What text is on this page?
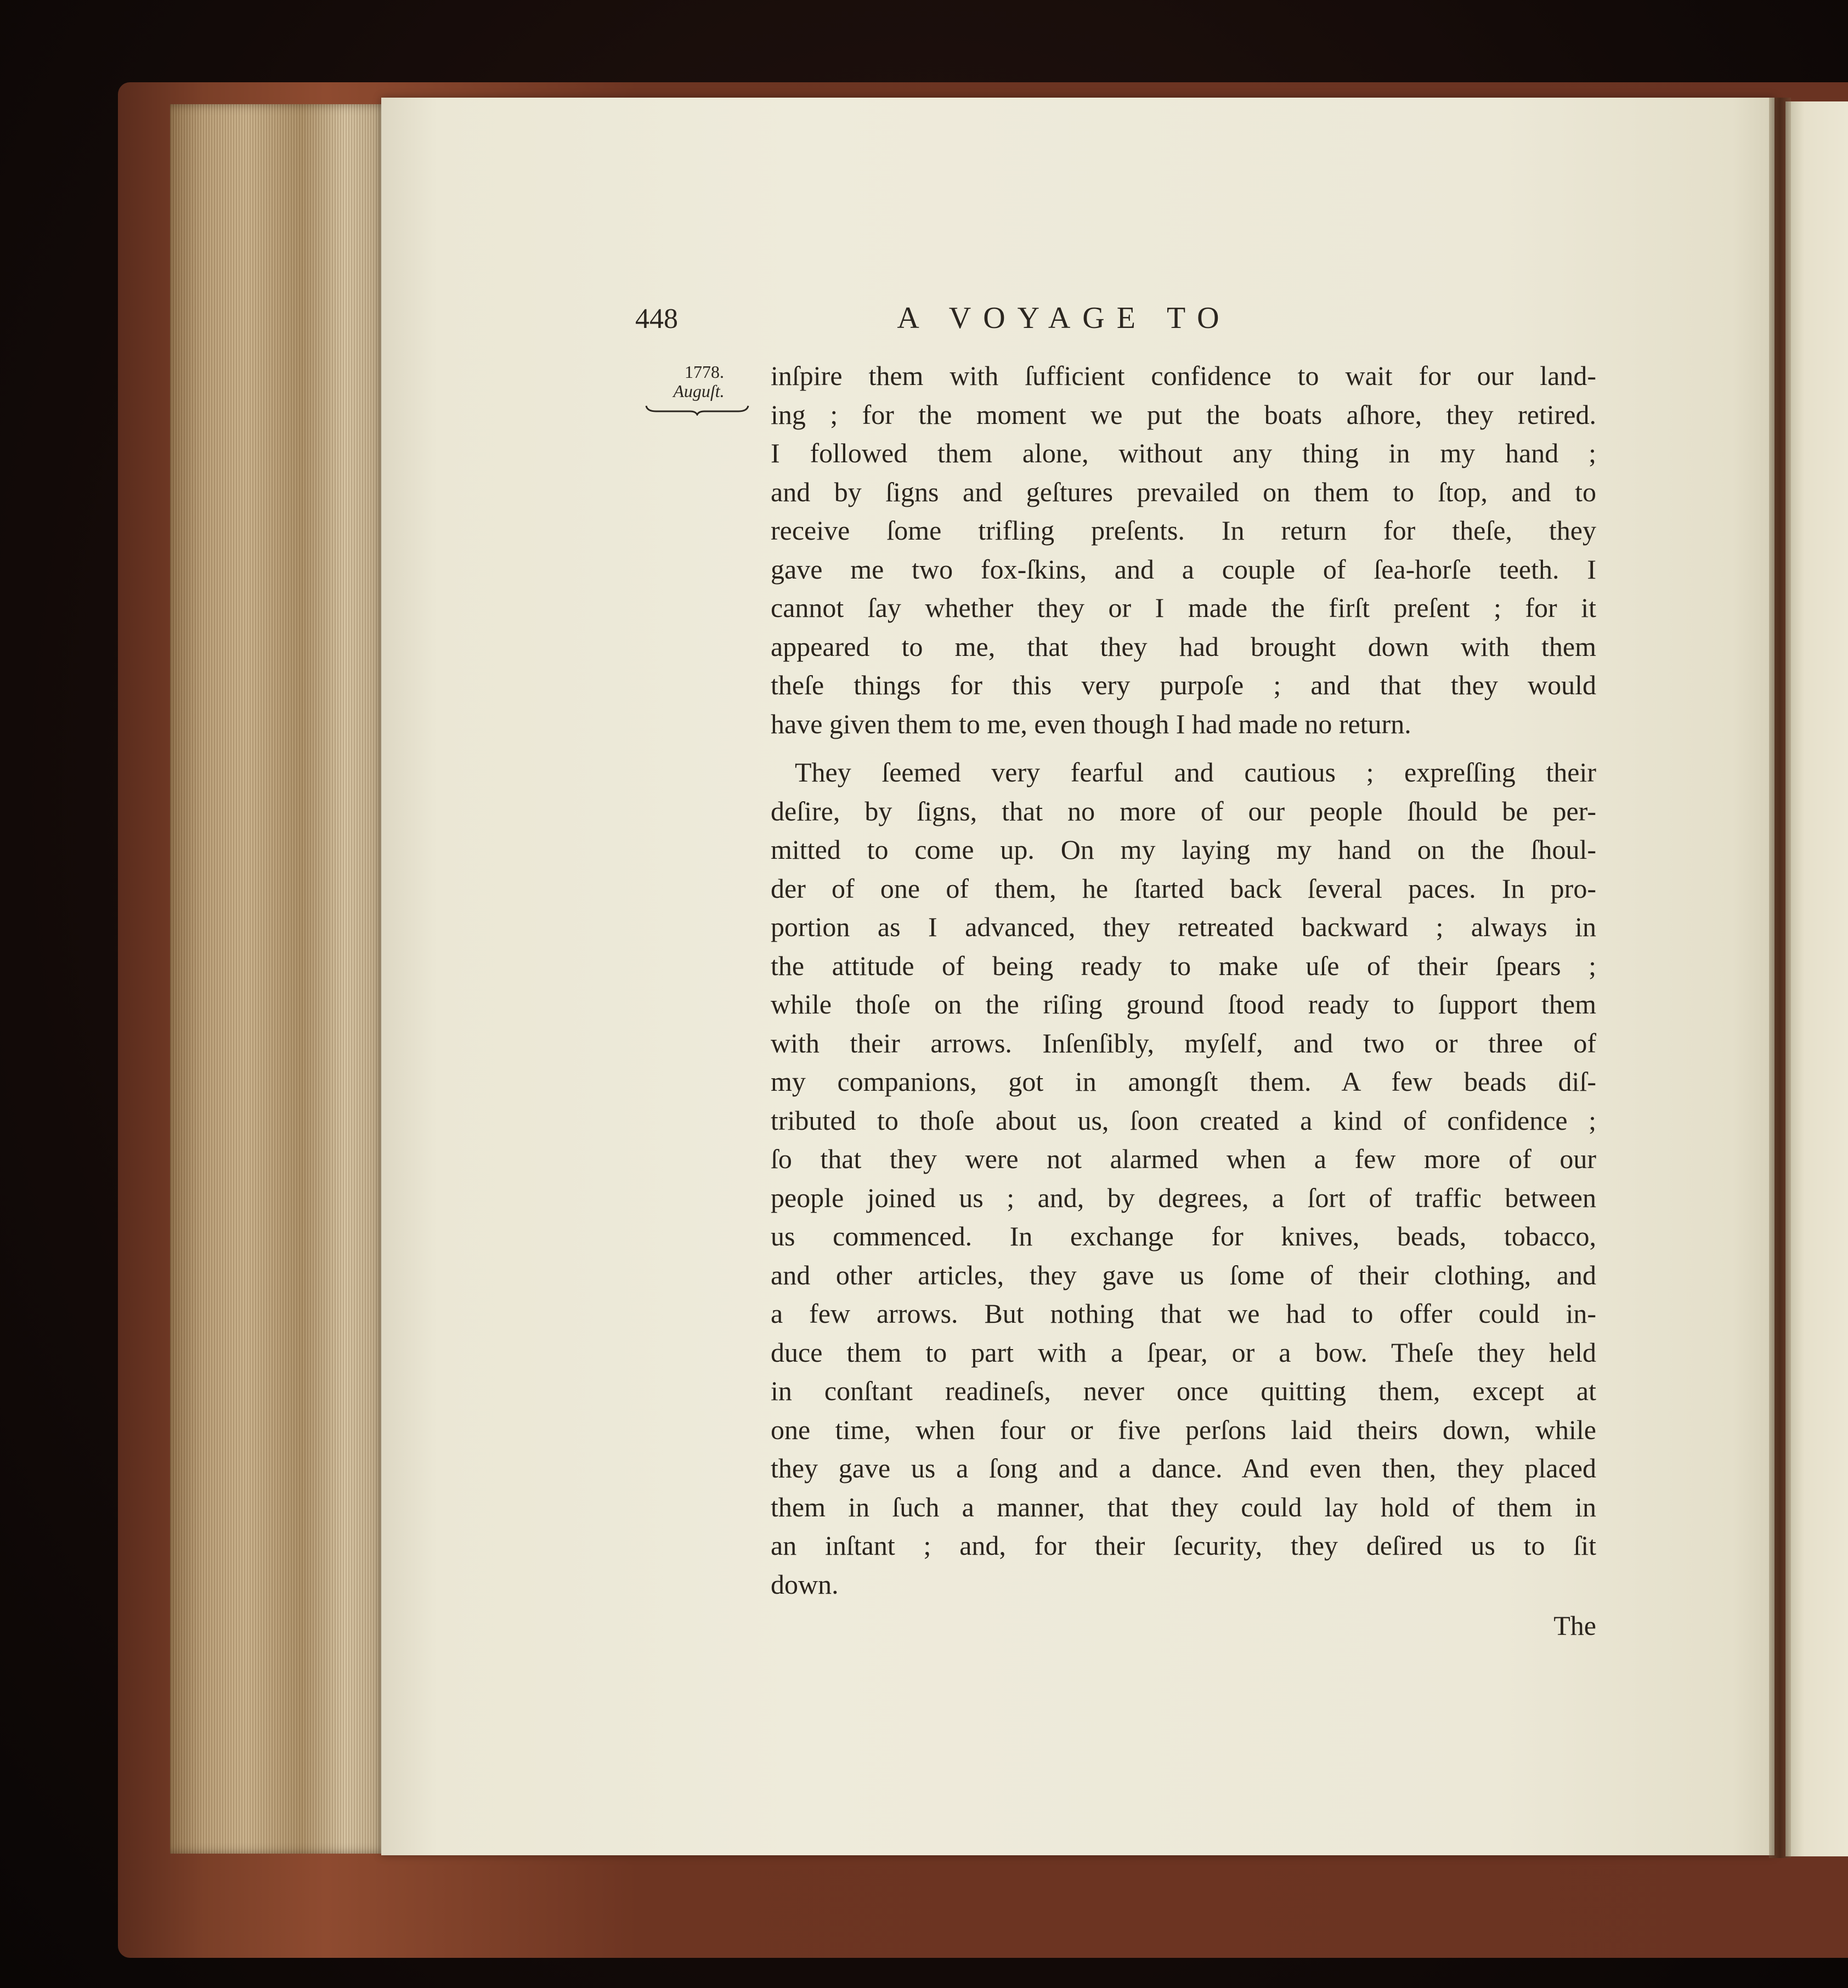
448	A VOYAGE TO
1778.
Auguſt.	inſpire them with ſufficient confidence to wait for our land-
ing ; for the moment we put the boats aſhore, they retired.
I followed them alone, without any thing in my hand ;
and by ſigns and geſtures prevailed on them to ſtop, and to
receive ſome trifling preſents. In return for theſe, they
gave me two fox-ſkins, and a couple of ſea-horſe teeth. I
cannot ſay whether they or I made the firſt preſent ; for it
appeared to me, that they had brought down with them
theſe things for this very purpoſe ; and that they would
have given them to me, even though I had made no return.
They ſeemed very fearful and cautious ; expreſſing their
deſire, by ſigns, that no more of our people ſhould be per-
mitted to come up. On my laying my hand on the ſhoul-
der of one of them, he ſtarted back ſeveral paces. In pro-
portion as I advanced, they retreated backward ; always in
the attitude of being ready to make uſe of their ſpears ;
while thoſe on the riſing ground ſtood ready to ſupport them
with their arrows. Inſenſibly, myſelf, and two or three of
my companions, got in amongſt them. A few beads diſ-
tributed to thoſe about us, ſoon created a kind of confidence ;
ſo that they were not alarmed when a few more of our
people joined us ; and, by degrees, a ſort of traffic between
us commenced. In exchange for knives, beads, tobacco,
and other articles, they gave us ſome of their clothing, and
a few arrows. But nothing that we had to offer could in-
duce them to part with a ſpear, or a bow. Theſe they held
in conſtant readineſs, never once quitting them, except at
one time, when four or five perſons laid theirs down, while
they gave us a ſong and a dance. And even then, they placed
them in ſuch a manner, that they could lay hold of them in
an inſtant ; and, for their ſecurity, they deſired us to ſit
down.
The
